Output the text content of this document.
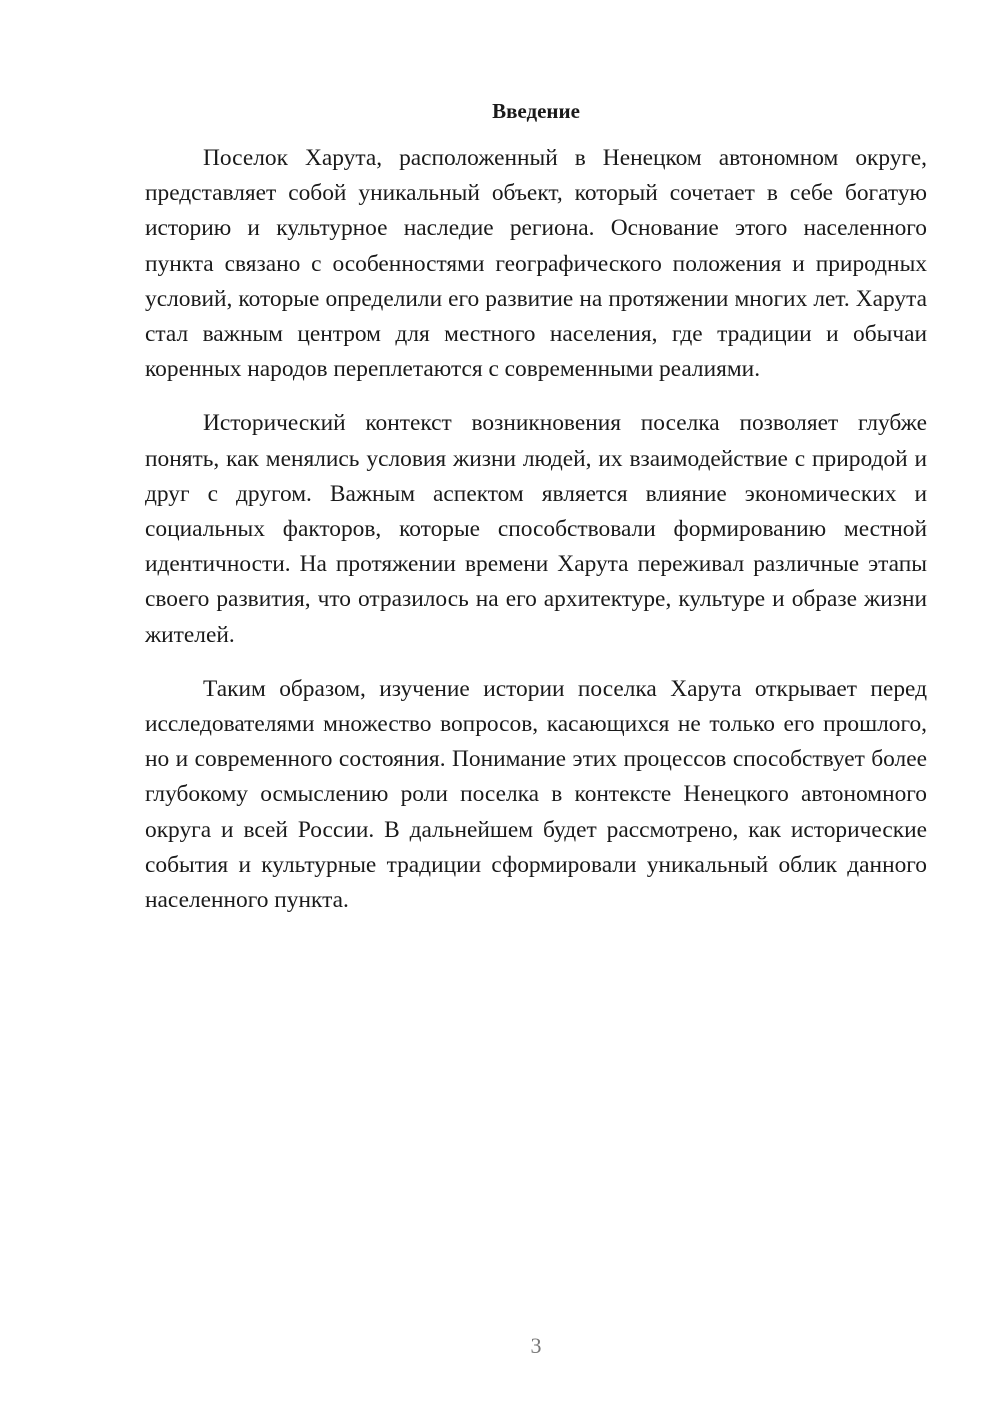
Введение

Поселок Харута, расположенный в Ненецком автономном округе, представляет собой уникальный объект, который сочетает в себе богатую историю и культурное наследие региона. Основание этого населенного пункта связано с особенностями географического положения и природных условий, которые определили его развитие на протяжении многих лет. Харута стал важным центром для местного населения, где традиции и обычаи коренных народов переплетаются с современными реалиями.

Исторический контекст возникновения поселка позволяет глубже понять, как менялись условия жизни людей, их взаимодействие с природой и друг с другом. Важным аспектом является влияние экономических и социальных факторов, которые способствовали формированию местной идентичности. На протяжении времени Харута переживал различные этапы своего развития, что отразилось на его архитектуре, культуре и образе жизни жителей.

Таким образом, изучение истории поселка Харута открывает перед исследователями множество вопросов, касающихся не только его прошлого, но и современного состояния. Понимание этих процессов способствует более глубокому осмыслению роли поселка в контексте Ненецкого автономного округа и всей России. В дальнейшем будет рассмотрено, как исторические события и культурные традиции сформировали уникальный облик данного населенного пункта.

3
